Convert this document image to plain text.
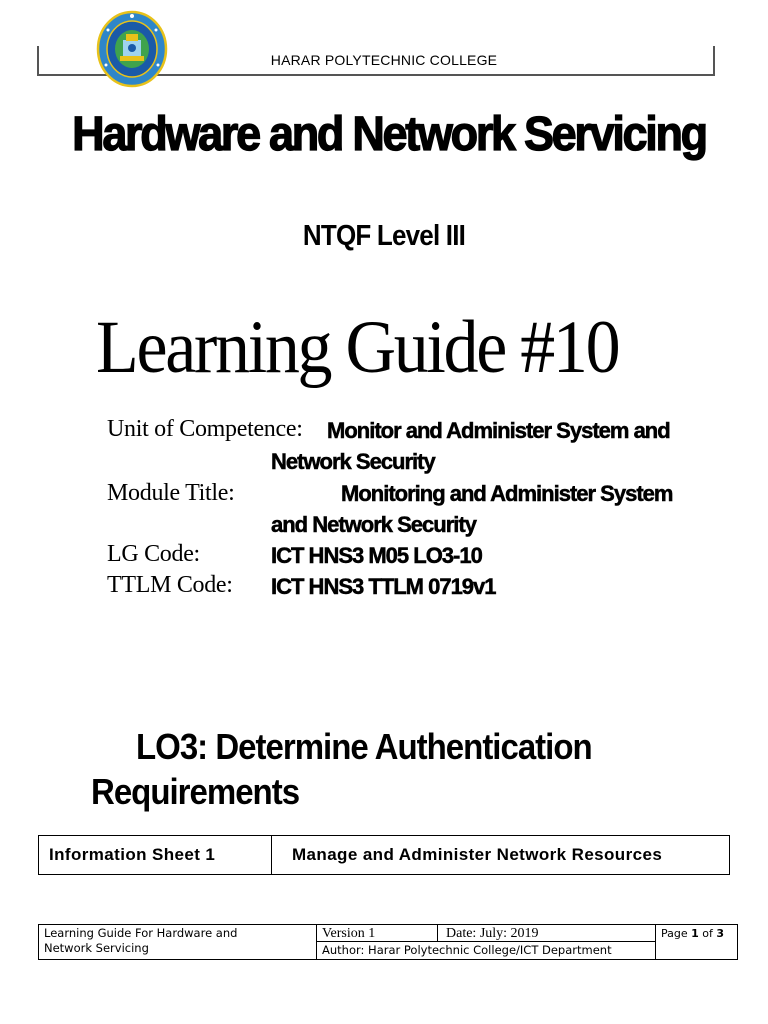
HARAR POLYTECHNIC COLLEGE
Hardware and Network Servicing
NTQF Level III
Learning Guide #10
Unit of Competence: Monitor and Administer System and
Network Security
Module Title:	Monitoring and Administer System
and Network Security
LG Code:	ICT HNS3 M05 LO3-10
TTLM Code: ICT HNS3 TTLM 0719v1
LO3: Determine Authentication
Requirements
Information Sheet 1	Manage and Administer Network Resources
Learning Guide For Hardware and
Network Servicing
Version 1	Date: July: 2019
Author: Harar Polytechnic College/ICT Department
Page 1 of 3
